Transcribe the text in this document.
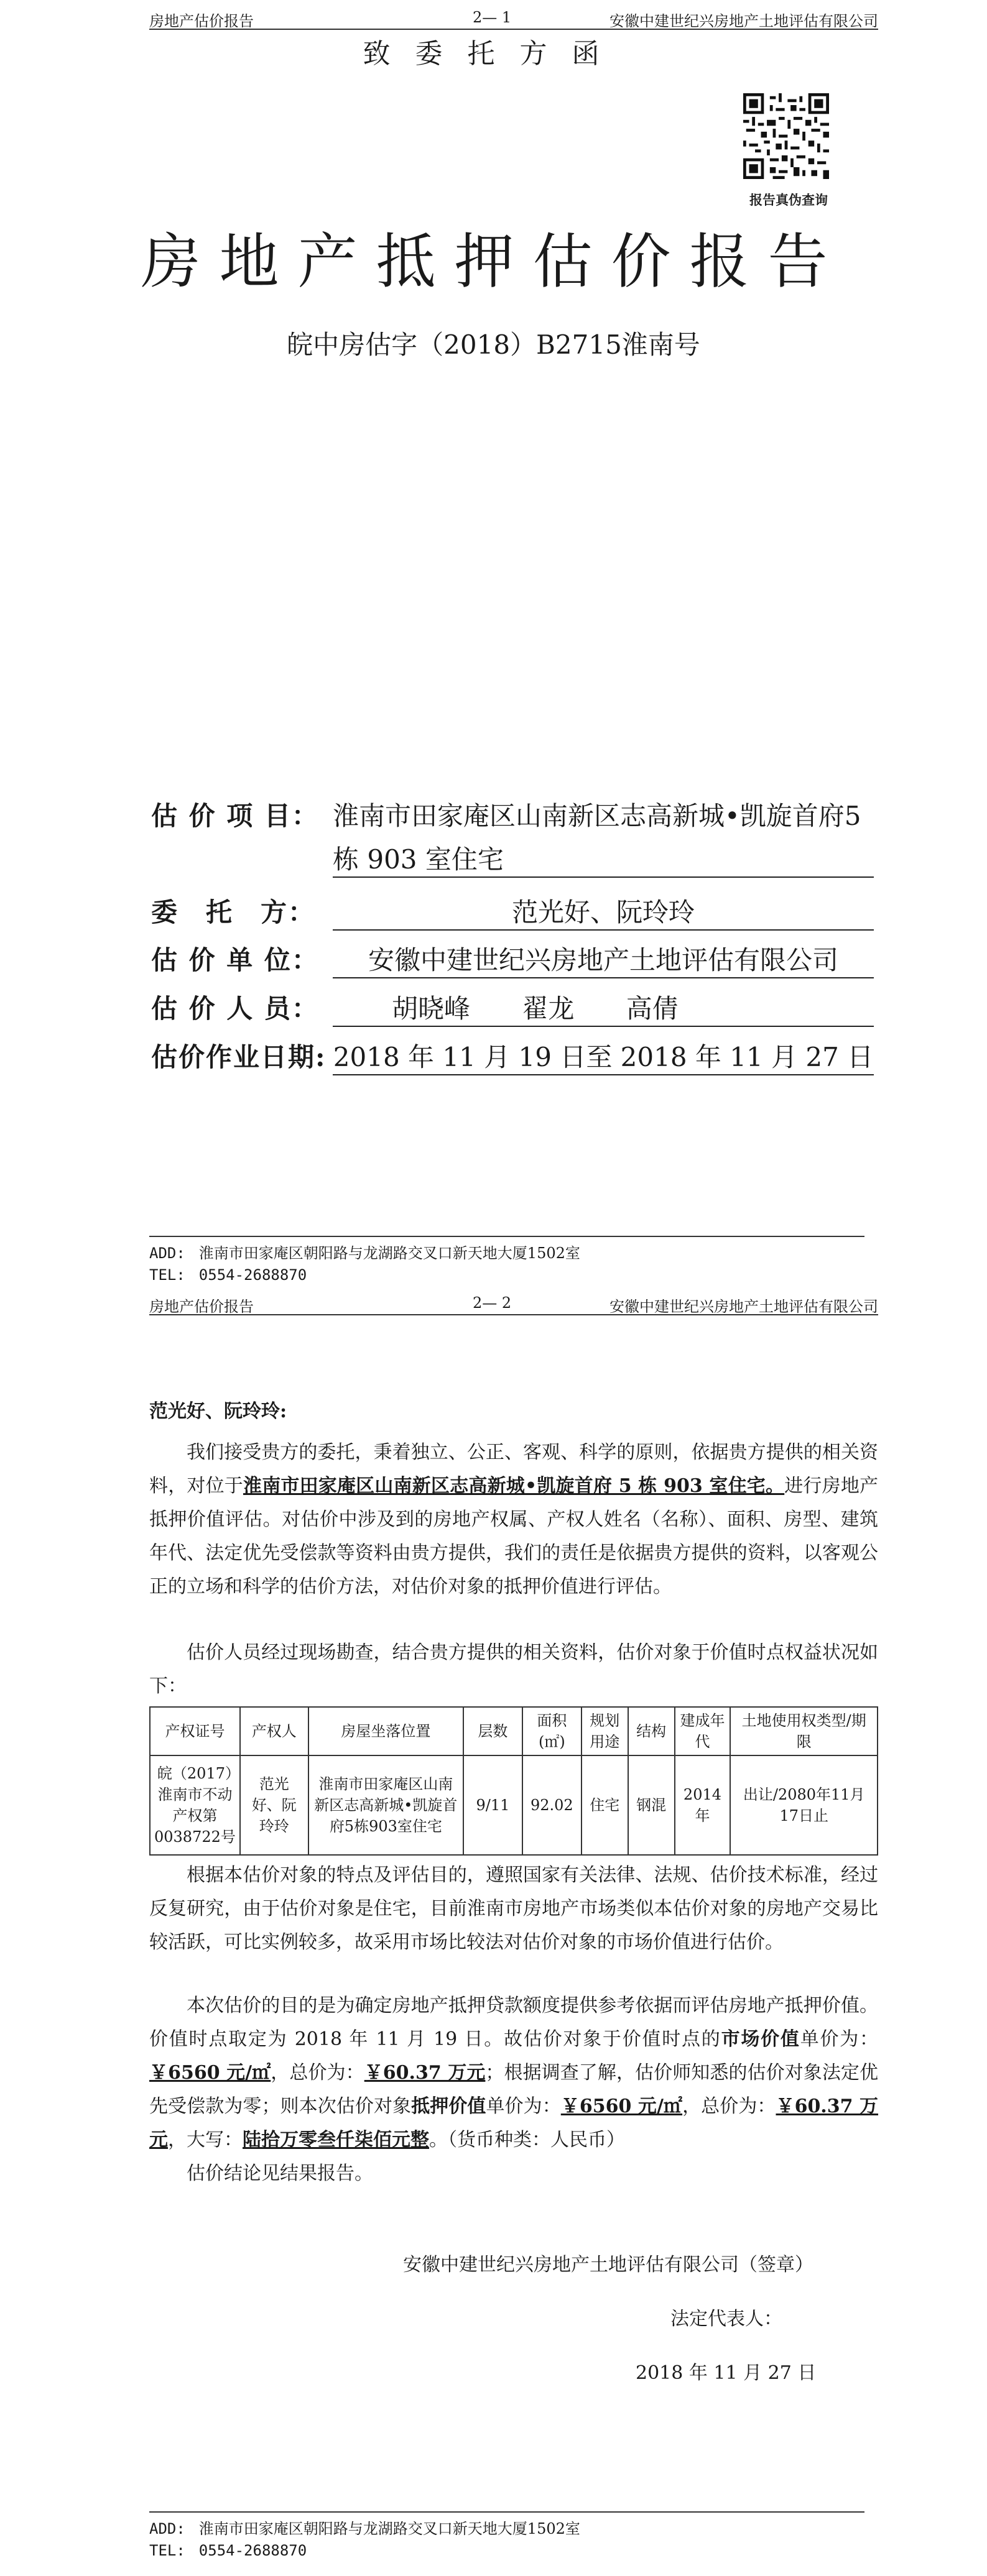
房地产估价报告	2— 1	安徽中建世纪兴房地产土地评估有限公司
报告真伪查询
房地产抵押估价报告
皖中房估字（2018）B2715淮南号
估 价 项 目： 淮南市田家庵区山南新区志高新城•凯旋首府5
栋 903 室住宅
委　托　方：	范光好、阮玲玲
估 价 单 位：	安徽中建世纪兴房地产土地评估有限公司
估 价 人 员：	胡晓峰 翟龙 高倩
估价作业日期: 2018 年 11 月 19 日至 2018 年 11 月 27 日
ADD: 淮南市田家庵区朝阳路与龙湖路交叉口新天地大厦1502室
TEL: 0554-2688870
房地产估价报告	2— 2	安徽中建世纪兴房地产土地评估有限公司
致委托方函
范光好、阮玲玲:
我们接受贵方的委托，秉着独立、公正、客观、科学的原则，依据贵方提供的相关资料，对位于淮南市田家庵区山南新区志高新城•凯旋首府 5 栋 903 室住宅。进行房地产抵押价值评估。对估价中涉及到的房地产权属、产权人姓名（名称）、面积、房型、建筑年代、法定优先受偿款等资料由贵方提供，我们的责任是依据贵方提供的资料，以客观公正的立场和科学的估价方法，对估价对象的抵押价值进行评估。
估价人员经过现场勘查，结合贵方提供的相关资料，估价对象于价值时点权益状况如下：
产权证号	产权人	房屋坐落位置	层数	面积(㎡)	规划用途	结构	建成年代	土地使用权类型/期限
皖（2017）淮南市不动产权第0038722号	范光好、阮玲玲	淮南市田家庵区山南新区志高新城•凯旋首府5栋903室住宅	9/11	92.02	住宅	钢混	2014年	出让/2080年11月17日止
根据本估价对象的特点及评估目的，遵照国家有关法律、法规、估价技术标准，经过反复研究，由于估价对象是住宅，目前淮南市房地产市场类似本估价对象的房地产交易比较活跃，可比实例较多，故采用市场比较法对估价对象的市场价值进行估价。
本次估价的目的是为确定房地产抵押贷款额度提供参考依据而评估房地产抵押价值。价值时点取定为 2018 年 11 月 19 日。故估价对象于价值时点的市场价值单价为：￥6560 元/㎡，总价为：￥60.37 万元；根据调查了解，估价师知悉的估价对象法定优先受偿款为零；则本次估价对象抵押价值单价为：￥6560 元/㎡，总价为：￥60.37 万元，大写：陆拾万零叁仟柒佰元整。（货币种类：人民币）
估价结论见结果报告。
安徽中建世纪兴房地产土地评估有限公司（签章）
法定代表人：
2018 年 11 月 27 日
ADD: 淮南市田家庵区朝阳路与龙湖路交叉口新天地大厦1502室
TEL: 0554-2688870
